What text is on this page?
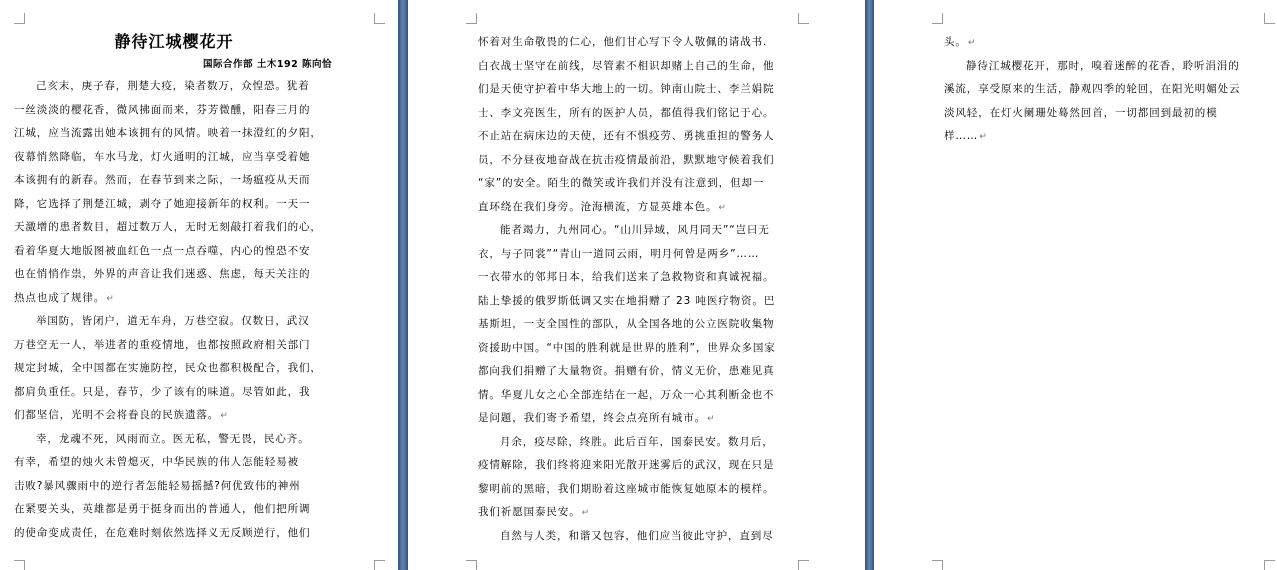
静待江城樱花开
国际合作部 土木192 陈向恰
己亥末，庚子春，荆楚大疫，染者数万，众惶恐。犹着
一丝淡淡的樱花香，微风拂面而来，芬芳微醺，阳春三月的
江城，应当流露出她本该拥有的风情。映着一抹澄红的夕阳，
夜幕悄然降临，车水马龙，灯火通明的江城，应当享受着她
本该拥有的新春。然而，在春节到来之际，一场瘟疫从天而
降，它选择了荆楚江城，剥夺了她迎接新年的权利。一天一
天激增的患者数目，超过数万人，无时无刻敲打着我们的心，
看着华夏大地版图被血红色一点一点吞噬，内心的惶恐不安
也在悄悄作祟，外界的声音让我们迷惑、焦虑，每天关注的
热点也成了规律。↵
举国防，皆闭户，道无车舟，万巷空寂。仅数日，武汉
万巷空无一人，举进者的重疫情地，也都按照政府相关部门
规定封城，全中国都在实施防控，民众也都积极配合，我们，
都肩负重任。只是，春节，少了该有的味道。尽管如此，我
们都坚信，光明不会将眷良的民族遗落。↵
幸，龙魂不死，风雨而立。医无私，警无畏，民心齐。
有幸，希望的烛火未曾熄灭，中华民族的伟人怎能轻易被
击败?暴风骤雨中的逆行者怎能轻易摇撼?何优致伟的神州
在紧要关头，英雄都是勇于挺身而出的普通人，他们把所调
的使命变成责任，在危难时刻依然选择义无反顾逆行，他们
怀着对生命敬畏的仁心，他们甘心写下令人敬佩的请战书.
白衣战士坚守在前线，尽管素不相识却赌上自己的生命，他
们是天使守护着中华大地上的一切。钟南山院士、李兰娟院
士、李文亮医生，所有的医护人员，都值得我们铭记于心。
不止站在病床边的天使，还有不惧疫劳、勇挑重担的警务人
员，不分昼夜地奋战在抗击疫情最前沿，默默地守候着我们
“家”的安全。陌生的微笑或许我们并没有注意到，但却一
直环绕在我们身旁。沧海横流，方显英雄本色。↵
能者竭力，九州同心。“山川异域，风月同天”“岂曰无
衣，与子同裳”“青山一道同云雨，明月何曾是两乡”……
一衣带水的邻邦日本，给我们送来了急救物资和真诚祝福。
陆上挚援的俄罗斯低调又实在地捐赠了 23 吨医疗物资。巴
基斯坦，一支全国性的部队，从全国各地的公立医院收集物
资援助中国。“中国的胜利就是世界的胜利”，世界众多国家
都向我们捐赠了大量物资。捐赠有价，情义无价，患难见真
情。华夏儿女之心全部连结在一起，万众一心其利断金也不
是问题，我们寄予希望，终会点亮所有城市。↵
月余，疫尽除，终胜。此后百年，国泰民安。数月后，
疫情解除，我们终将迎来阳光散开迷雾后的武汉，现在只是
黎明前的黑暗，我们期盼着这座城市能恢复她原本的模样。
我们祈愿国泰民安。↵
自然与人类，和谐又包容，他们应当彼此守护，直到尽
头。↵
静待江城樱花开，那时，嗅着迷醉的花香，聆听涓涓的
溪流，享受原来的生活，静观四季的轮回，在阳光明媚处云
淡风轻，在灯火阑珊处蓦然回首，一切都回到最初的模
样……↵
